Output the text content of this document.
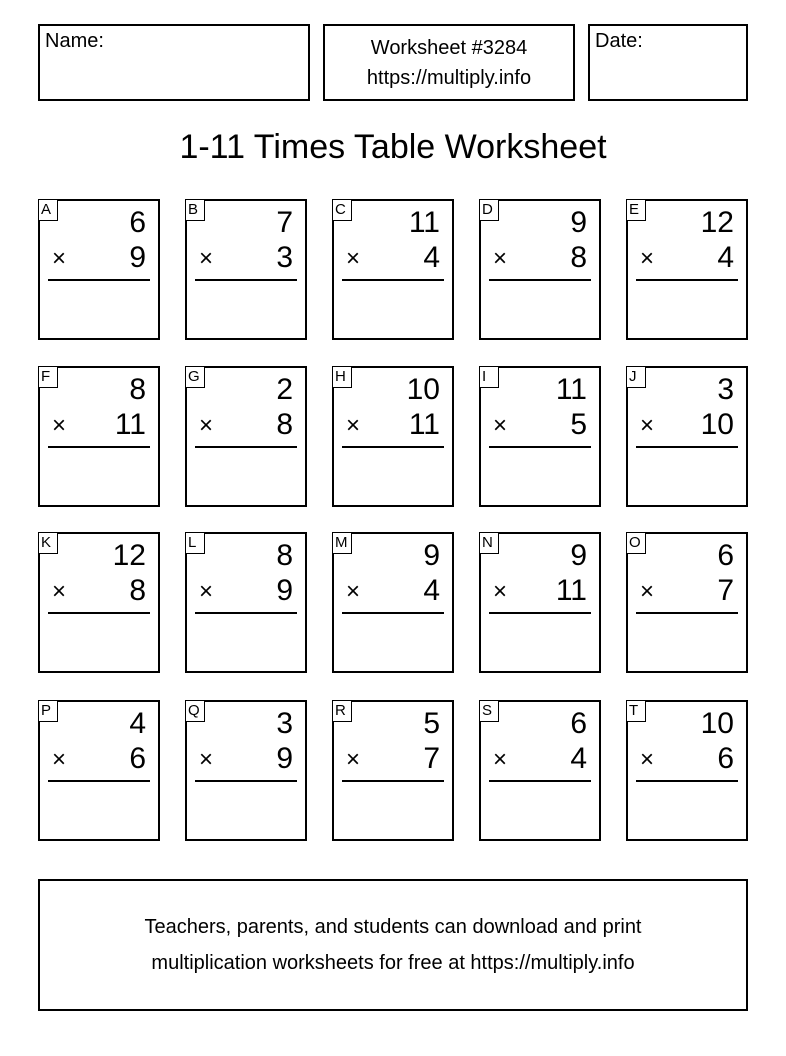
Name:	Worksheet #3284
https://multiply.info
Date:
1-11 Times Table Worksheet
A	6
× 9
B	7
× 3
C 11
× 4
D	9
× 8
E 12
× 4
F	8
× 11
G	2
× 8
H 10
× 11
I	11
× 5
J	3
× 10
K 12
× 8
L	8
× 9
M	9
× 4
N	9
× 11
O	6
× 7
P	4
× 6
Q	3
× 9
R	5
× 7
S	6
× 4
T 10
× 6
Teachers, parents, and students can download and print
multiplication worksheets for free at https://multiply.info
